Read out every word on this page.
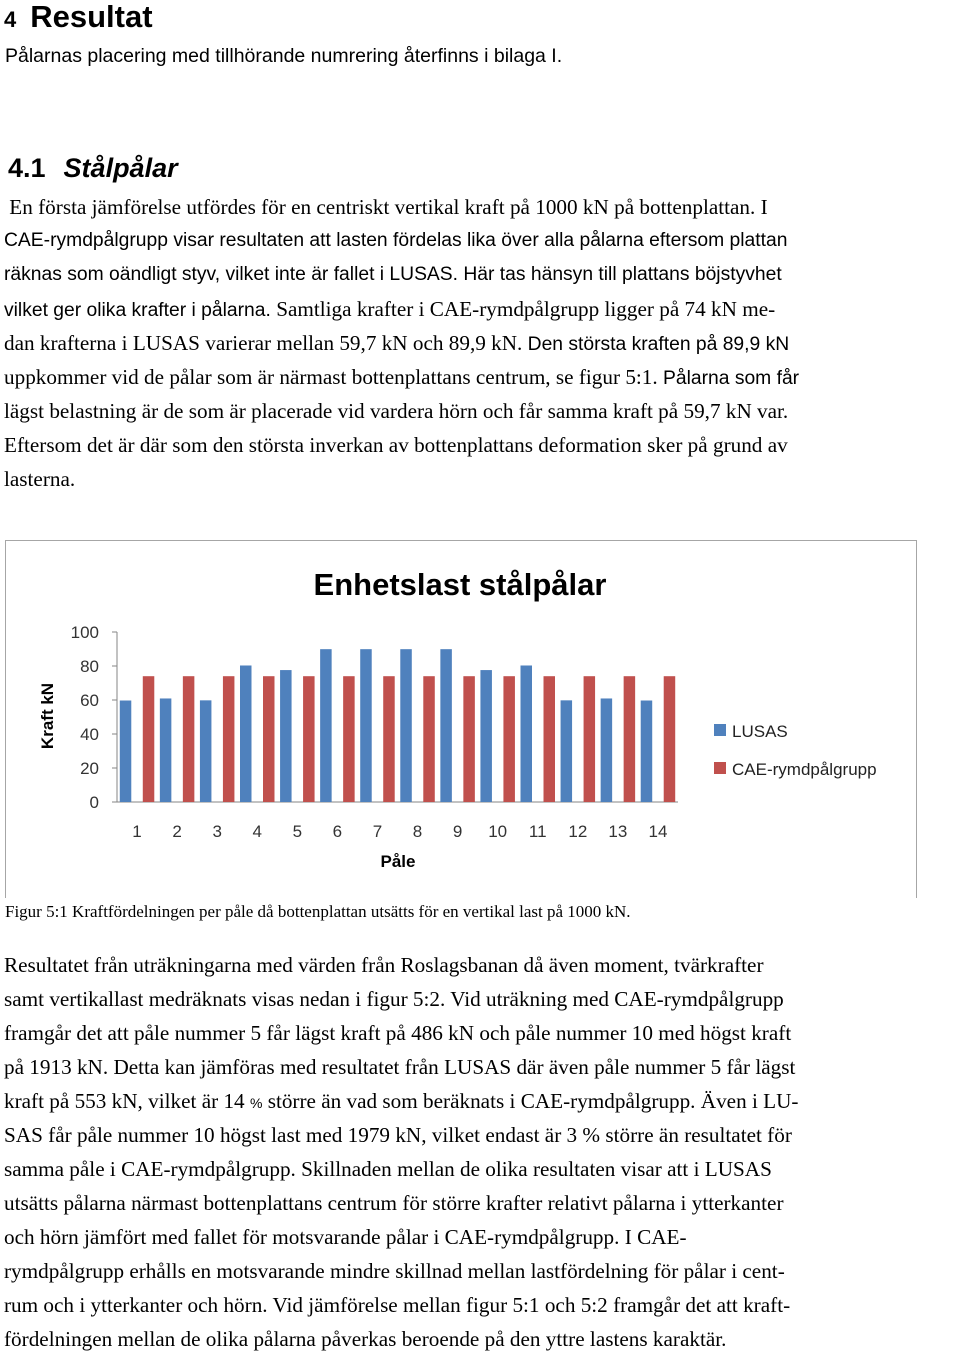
4 Resultat
Pålarnas placering med tillhörande numrering återfinns i bilaga I.
4.1 Stålpålar
En första jämförelse utfördes för en centriskt vertikal kraft på 1000 kN på bottenplattan. I
CAE-rymdpålgrupp visar resultaten att lasten fördelas lika över alla pålarna eftersom plattan
räknas som oändligt styv, vilket inte är fallet i LUSAS. Här tas hänsyn till plattans böjstyvhet
vilket ger olika krafter i pålarna. Samtliga krafter i CAE-rymdpålgrupp ligger på 74 kN me-
dan krafterna i LUSAS varierar mellan 59,7 kN och 89,9 kN. Den största kraften på 89,9 kN
uppkommer vid de pålar som är närmast bottenplattans centrum, se figur 5:1. Pålarna som får
lägst belastning är de som är placerade vid vardera hörn och får samma kraft på 59,7 kN var.
Eftersom det är där som den största inverkan av bottenplattans deformation sker på grund av
lasterna.
Enhetslast stålpålar
Kraft kN
Påle
0
20
40
60
80
100
1 2 3 4 5 6 7 8 9 10 11 12 13 14
LUSAS
CAE-rymdpålgrupp
Figur 5:1 Kraftfördelningen per påle då bottenplattan utsätts för en vertikal last på 1000 kN.
Resultatet från uträkningarna med värden från Roslagsbanan då även moment, tvärkrafter
samt vertikallast medräknats visas nedan i figur 5:2. Vid uträkning med CAE-rymdpålgrupp
framgår det att påle nummer 5 får lägst kraft på 486 kN och påle nummer 10 med högst kraft
på 1913 kN. Detta kan jämföras med resultatet från LUSAS där även påle nummer 5 får lägst
kraft på 553 kN, vilket är 14 % större än vad som beräknats i CAE-rymdpålgrupp. Även i LU-
SAS får påle nummer 10 högst last med 1979 kN, vilket endast är 3 % större än resultatet för
samma påle i CAE-rymdpålgrupp. Skillnaden mellan de olika resultaten visar att i LUSAS
utsätts pålarna närmast bottenplattans centrum för större krafter relativt pålarna i ytterkanter
och hörn jämfört med fallet för motsvarande pålar i CAE-rymdpålgrupp. I CAE-
rymdpålgrupp erhålls en motsvarande mindre skillnad mellan lastfördelning för pålar i cent-
rum och i ytterkanter och hörn. Vid jämförelse mellan figur 5:1 och 5:2 framgår det att kraft-
fördelningen mellan de olika pålarna påverkas beroende på den yttre lastens karaktär.
